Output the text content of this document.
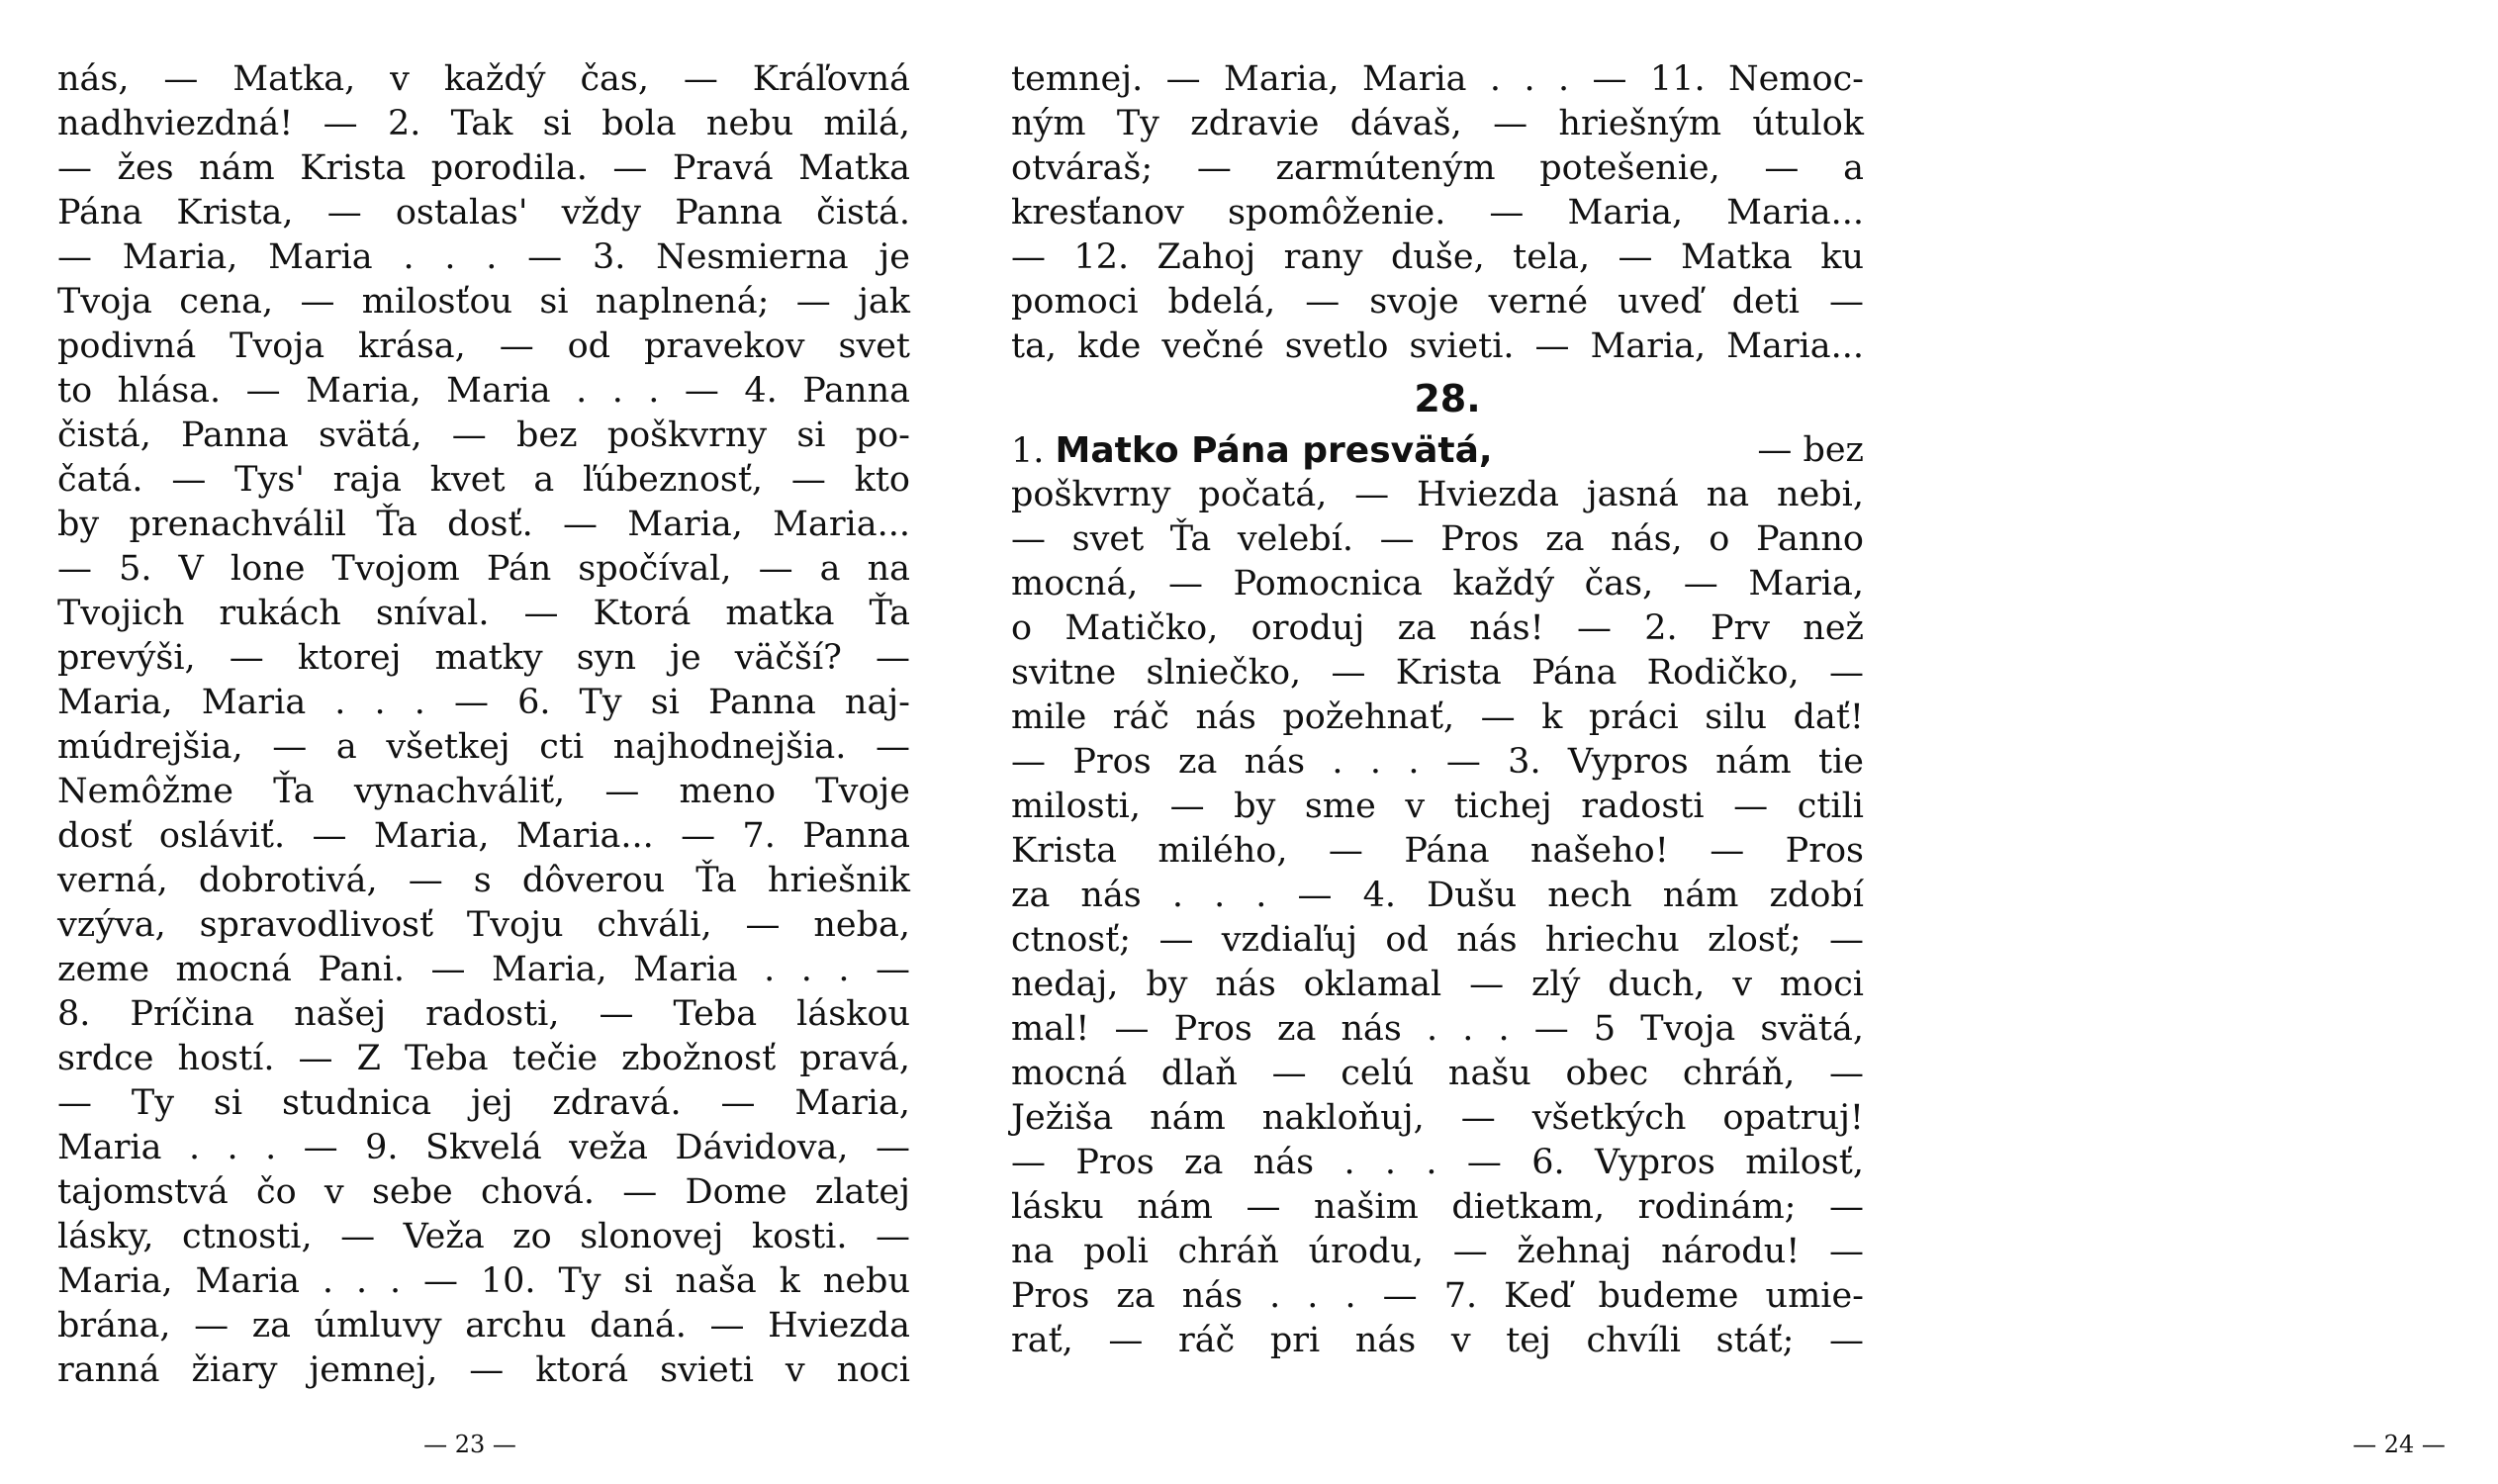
nás, — Matka, v každý čas, — Kráľovná
nadhviezdná! — 2. Tak si bola nebu milá,
— žes nám Krista porodila. — Pravá Matka
Pána Krista, — ostalas' vždy Panna čistá.
— Maria, Maria . . . — 3. Nesmierna je
Tvoja cena, — milosťou si naplnená; — jak
podivná Tvoja krása, — od pravekov svet
to hlása. — Maria, Maria . . . — 4. Panna
čistá, Panna svätá, — bez poškvrny si po-
čatá. — Tys' raja kvet a ľúbeznosť, — kto
by prenachválil Ťa dosť. — Maria, Maria...
— 5. V lone Tvojom Pán spočíval, — a na
Tvojich rukách sníval. — Ktorá matka Ťa
prevýši, — ktorej matky syn je väčší? —
Maria, Maria . . . — 6. Ty si Panna naj-
múdrejšia, — a všetkej cti najhodnejšia. —
Nemôžme Ťa vynachváliť, — meno Tvoje
dosť osláviť. — Maria, Maria... — 7. Panna
verná, dobrotivá, — s dôverou Ťa hriešnik
vzýva, spravodlivosť Tvoju chváli, — neba,
zeme mocná Pani. — Maria, Maria . . . —
8. Príčina našej radosti, — Teba láskou
srdce hostí. — Z Teba tečie zbožnosť pravá,
— Ty si studnica jej zdravá. — Maria,
Maria . . . — 9. Skvelá veža Dávidova, —
tajomstvá čo v sebe chová. — Dome zlatej
lásky, ctnosti, — Veža zo slonovej kosti. —
Maria, Maria . . . — 10. Ty si naša k nebu
brána, — za úmluvy archu daná. — Hviezda
ranná žiary jemnej, — ktorá svieti v noci
— 23 —	— 24 —
temnej. — Maria, Maria . . . — 11. Nemoc-
ným Ty zdravie dávaš, — hriešným útulok
otváraš; — zarmúteným potešenie, — a
kresťanov spomôženie. — Maria, Maria...
— 12. Zahoj rany duše, tela, — Matka ku
pomoci bdelá, — svoje verné uveď deti —
ta, kde večné svetlo svieti. — Maria, Maria...
28.
1. Matko Pána presvätá,	— bez
poškvrny počatá, — Hviezda jasná na nebi,
— svet Ťa velebí. — Pros za nás, o Panno
mocná, — Pomocnica každý čas, — Maria,
o Matičko, oroduj za nás! — 2. Prv než
svitne slniečko, — Krista Pána Rodičko, —
mile ráč nás požehnať, — k práci silu dať!
— Pros za nás . . . — 3. Vypros nám tie
milosti, — by sme v tichej radosti — ctili
Krista milého, — Pána našeho! — Pros
za nás . . . — 4. Dušu nech nám zdobí
ctnosť; — vzdiaľuj od nás hriechu zlosť; —
nedaj, by nás oklamal — zlý duch, v moci
mal! — Pros za nás . . . — 5 Tvoja svätá,
mocná dlaň — celú našu obec chráň, —
Ježiša nám nakloňuj, — všetkých opatruj!
— Pros za nás . . . — 6. Vypros milosť,
lásku nám — našim dietkam, rodinám; —
na poli chráň úrodu, — žehnaj národu! —
Pros za nás . . . — 7. Keď budeme umie-
rať, — ráč pri nás v tej chvíli stáť; —
